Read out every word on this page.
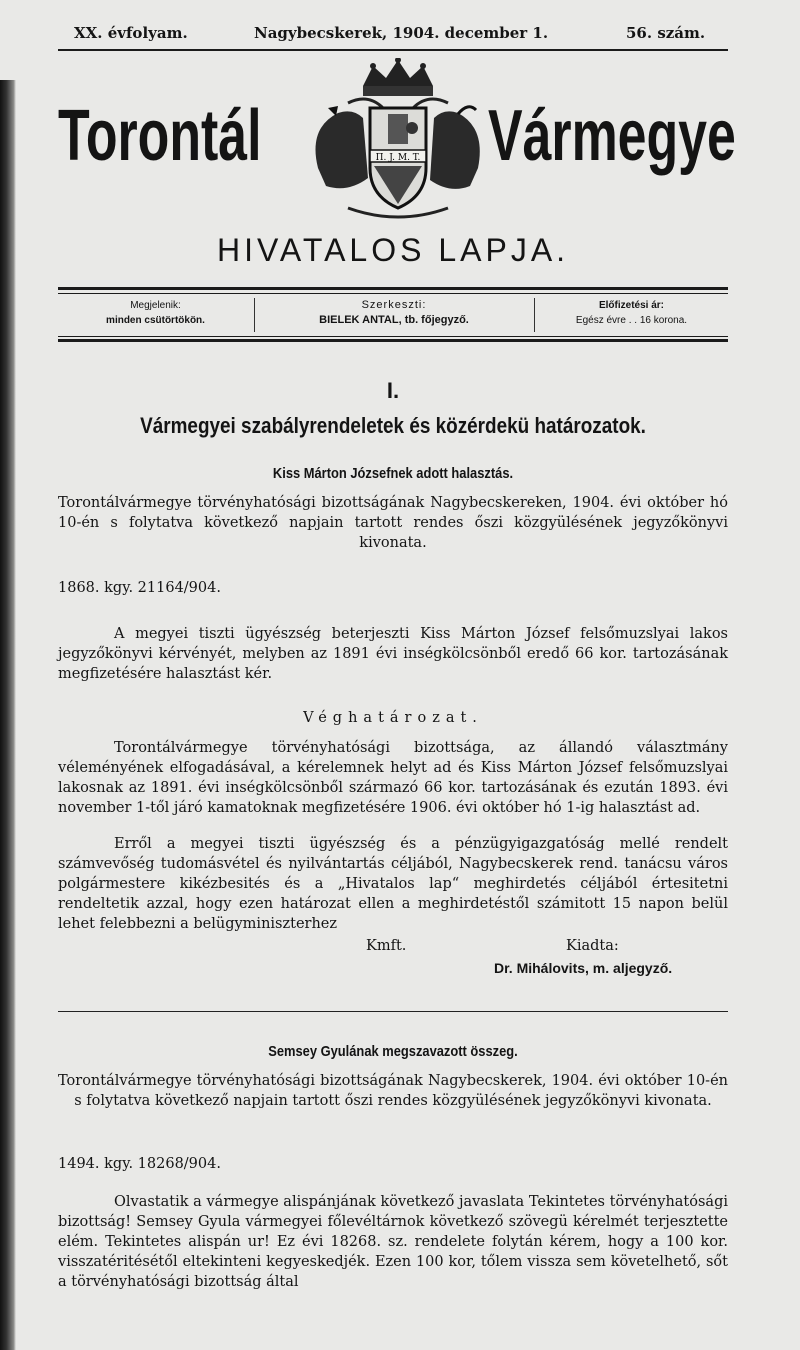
XX. évfolyam.	Nagybecskerek, 1904. december 1.	56. szám.
Torontál	П. J. M. T. Vármegye
HIVATALOS LAPJA.
Megjelenik:
minden csütörtökön.
Szerkeszti:
BIELEK ANTAL, tb. főjegyző.
Előfizetési ár:
Egész évre . . 16 korona.
I.
Vármegyei szabályrendeletek és közérdekü határozatok.
Kiss Márton Józsefnek adott halasztás.
Torontálvármegye törvényhatósági bizottságának Nagybecskereken, 1904. évi október hó 10-én s folytatva következő napjain tartott rendes őszi közgyülésének jegyzőkönyvi kivonata.
1868. kgy. 21164/904.
A megyei tiszti ügyészség beterjeszti Kiss Márton József felsőmuzslyai lakos jegyzőkönyvi kérvényét, melyben az 1891 évi inségkölcsönből eredő 66 kor. tartozásának megfizetésére halasztást kér.
Véghatározat.
Torontálvármegye törvényhatósági bizottsága, az állandó választmány véleményének elfogadásával, a kérelemnek helyt ad és Kiss Márton József felsőmuzslyai lakosnak az 1891. évi inségkölcsönből származó 66 kor. tartozásának és ezután 1893. évi november 1-től járó kamatoknak megfizetésére 1906. évi október hó 1-ig halasztást ad.
Erről a megyei tiszti ügyészség és a pénzügyigazgatóság mellé rendelt számvevőség tudomásvétel és nyilvántartás céljából, Nagybecskerek rend. tanácsu város polgármestere kikézbesités és a „Hivatalos lap“ meghirdetés céljából értesitetni rendeltetik azzal, hogy ezen határozat ellen a meghirdetéstől számitott 15 napon belül lehet felebbezni a belügyminiszterhez
Kmft.	Kiadta:
Dr. Mihálovits, m. aljegyző.
Semsey Gyulának megszavazott összeg.
Torontálvármegye törvényhatósági bizottságának Nagybecskerek, 1904. évi október 10-én s folytatva következő napjain tartott őszi rendes közgyülésének jegyzőkönyvi kivonata.
1494. kgy. 18268/904.
Olvastatik a vármegye alispánjának következő javaslata Tekintetes törvényhatósági bizottság! Semsey Gyula vármegyei főlevéltárnok következő szövegü kérelmét terjesztette elém. Tekintetes alispán ur! Ez évi 18268. sz. rendelete folytán kérem, hogy a 100 kor. visszatéritésétől eltekinteni kegyeskedjék. Ezen 100 kor, tőlem vissza sem követelhető, sőt a törvényhatósági bizottság által
